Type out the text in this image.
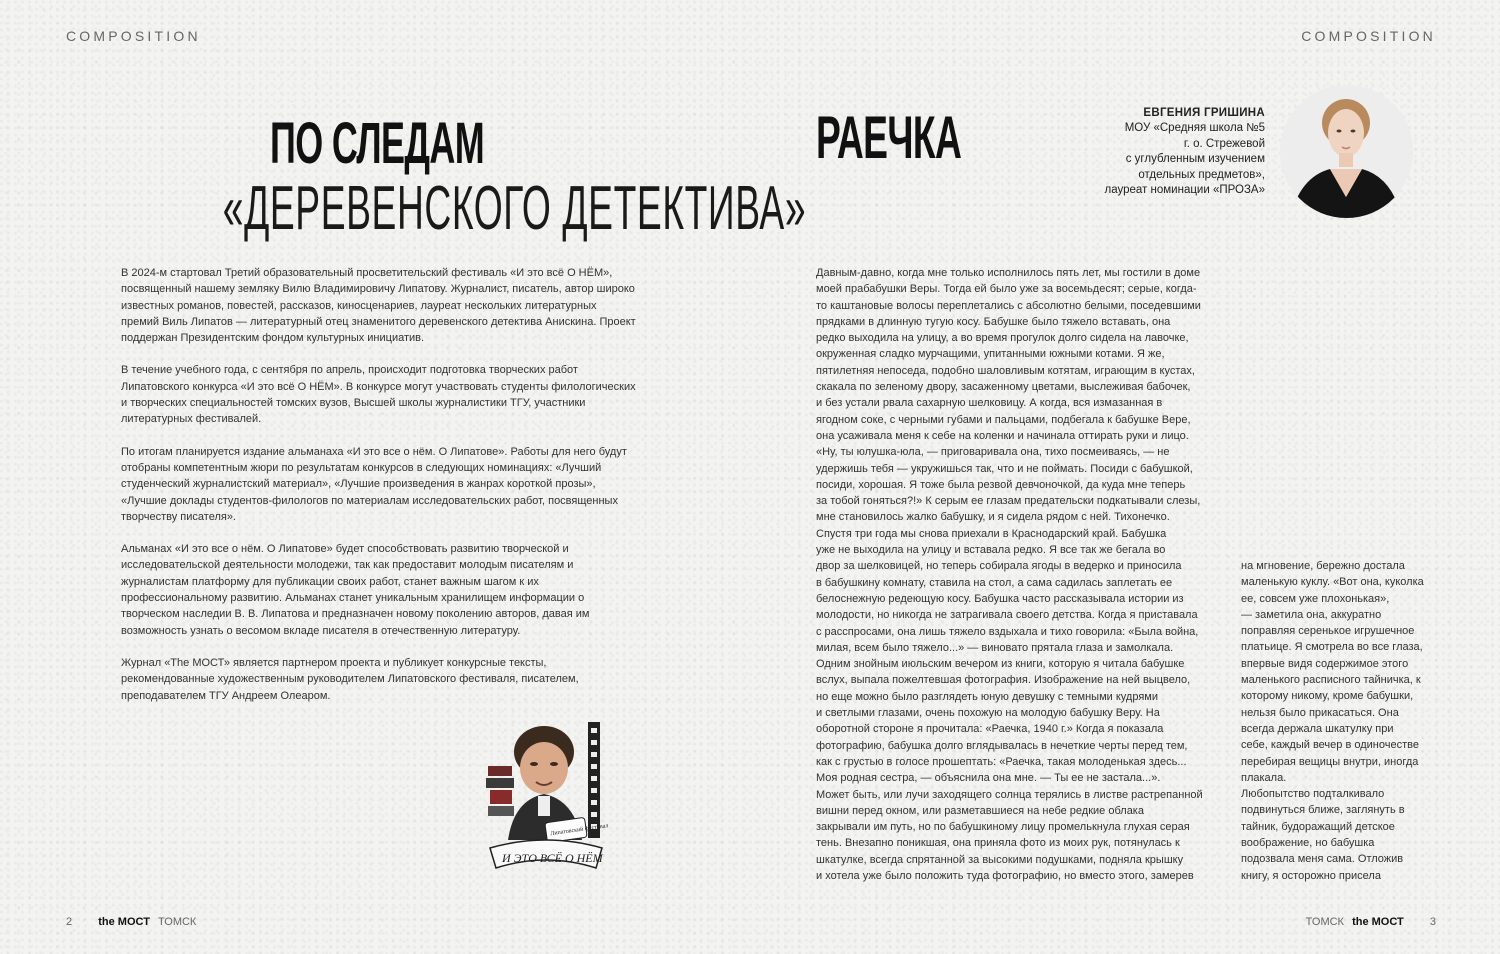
COMPOSITION	COMPOSITION
ПО СЛЕДАМ
«ДЕРЕВЕНСКОГО ДЕТЕКТИВА»

В 2024-м стартовал Третий образовательный просветительский фестиваль «И это всё О НЁМ», посвященный нашему земляку Вилю Владимировичу Липатову. Журналист, писатель, автор широко известных романов, повестей, рассказов, киносценариев, лауреат нескольких литературных премий Виль Липатов — литературный отец знаменитого деревенского детектива Анискина. Проект поддержан Президентским фондом культурных инициатив.

В течение учебного года, с сентября по апрель, происходит подготовка творческих работ Липатовского конкурса «И это всё О НЁМ». В конкурсе могут участвовать студенты филологических и творческих специальностей томских вузов, Высшей школы журналистики ТГУ, участники литературных фестивалей.

По итогам планируется издание альманаха «И это все о нём. О Липатове». Работы для него будут отобраны компетентным жюри по результатам конкурсов в следующих номинациях: «Лучший студенческий журналистский материал», «Лучшие произведения в жанрах короткой прозы», «Лучшие доклады студентов-филологов по материалам исследовательских работ, посвященных творчеству писателя».

Альманах «И это все о нём. О Липатове» будет способствовать развитию творческой и исследовательской деятельности молодежи, так как предоставит молодым писателям и журналистам платформу для публикации своих работ, станет важным шагом к их профессиональному развитию. Альманах станет уникальным хранилищем информации о творческом наследии В. В. Липатова и предназначен новому поколению авторов, давая им возможность узнать о весомом вкладе писателя в отечественную литературу.

Журнал «The МОСТ» является партнером проекта и публикует конкурсные тексты, рекомендованные художественным руководителем Липатовского фестиваля, писателем, преподавателем ТГУ Андреем Олеаром.

Липатовский фестиваль
И ЭТО ВСЁ О НЁМ
РАЕЧКА	ЕВГЕНИЯ ГРИШИНА
МОУ «Средняя школа №5
г. о. Стрежевой
с углубленным изучением
отдельных предметов»,
лауреат номинации «ПРОЗА»
Давным-давно, когда мне только исполнилось пять лет, мы гостили в доме
моей прабабушки Веры. Тогда ей было уже за восемьдесят; серые, когда-
то каштановые волосы переплетались с абсолютно белыми, поседевшими
прядками в длинную тугую косу. Бабушке было тяжело вставать, она
редко выходила на улицу, а во время прогулок долго сидела на лавочке,
окруженная сладко мурчащими, упитанными южными котами. Я же,
пятилетняя непоседа, подобно шаловливым котятам, играющим в кустах,
скакала по зеленому двору, засаженному цветами, выслеживая бабочек,
и без устали рвала сахарную шелковицу. А когда, вся измазанная в
ягодном соке, с черными губами и пальцами, подбегала к бабушке Вере,
она усаживала меня к себе на коленки и начинала оттирать руки и лицо.
«Ну, ты юлушка-юла, — приговаривала она, тихо посмеиваясь, — не
удержишь тебя — укружишься так, что и не поймать. Посиди с бабушкой,
посиди, хорошая. Я тоже была резвой девчоночкой, да куда мне теперь
за тобой гоняться?!» К серым ее глазам предательски подкатывали слезы,
мне становилось жалко бабушку, и я сидела рядом с ней. Тихонечко.
Спустя три года мы снова приехали в Краснодарский край. Бабушка
уже не выходила на улицу и вставала редко. Я все так же бегала во
двор за шелковицей, но теперь собирала ягоды в ведерко и приносила
в бабушкину комнату, ставила на стол, а сама садилась заплетать ее
белоснежную редеющую косу. Бабушка часто рассказывала истории из
молодости, но никогда не затрагивала своего детства. Когда я приставала
с расспросами, она лишь тяжело вздыхала и тихо говорила: «Была война,
милая, всем было тяжело...» — виновато прятала глаза и замолкала.
Одним знойным июльским вечером из книги, которую я читала бабушке
вслух, выпала пожелтевшая фотография. Изображение на ней выцвело,
но еще можно было разглядеть юную девушку с темными кудрями
и светлыми глазами, очень похожую на молодую бабушку Веру. На
оборотной стороне я прочитала: «Раечка, 1940 г.» Когда я показала
фотографию, бабушка долго вглядывалась в нечеткие черты перед тем,
как с грустью в голосе прошептать: «Раечка, такая молоденькая здесь...
Моя родная сестра, — объяснила она мне. — Ты ее не застала...».
Может быть, или лучи заходящего солнца терялись в листве растрепанной
вишни перед окном, или разметавшиеся на небе редкие облака
закрывали им путь, но по бабушкиному лицу промелькнула глухая серая
тень. Внезапно поникшая, она приняла фото из моих рук, потянулась к
шкатулке, всегда спрятанной за высокими подушками, подняла крышку
и хотела уже было положить туда фотографию, но вместо этого, замерев
на мгновение, бережно достала
маленькую куклу. «Вот она, куколка
ее, совсем уже плохонькая»,
— заметила она, аккуратно
поправляя серенькое игрушечное
платьице. Я смотрела во все глаза,
впервые видя содержимое этого
маленького расписного тайничка, к
которому никому, кроме бабушки,
нельзя было прикасаться. Она
всегда держала шкатулку при
себе, каждый вечер в одиночестве
перебирая вещицы внутри, иногда
плакала.
Любопытство подталкивало
подвинуться ближе, заглянуть в
тайник, будоражащий детское
воображение, но бабушка
подозвала меня сама. Отложив
книгу, я осторожно присела
2 the МОСТ ТОМСК	ТОМСК the МОСТ 3
